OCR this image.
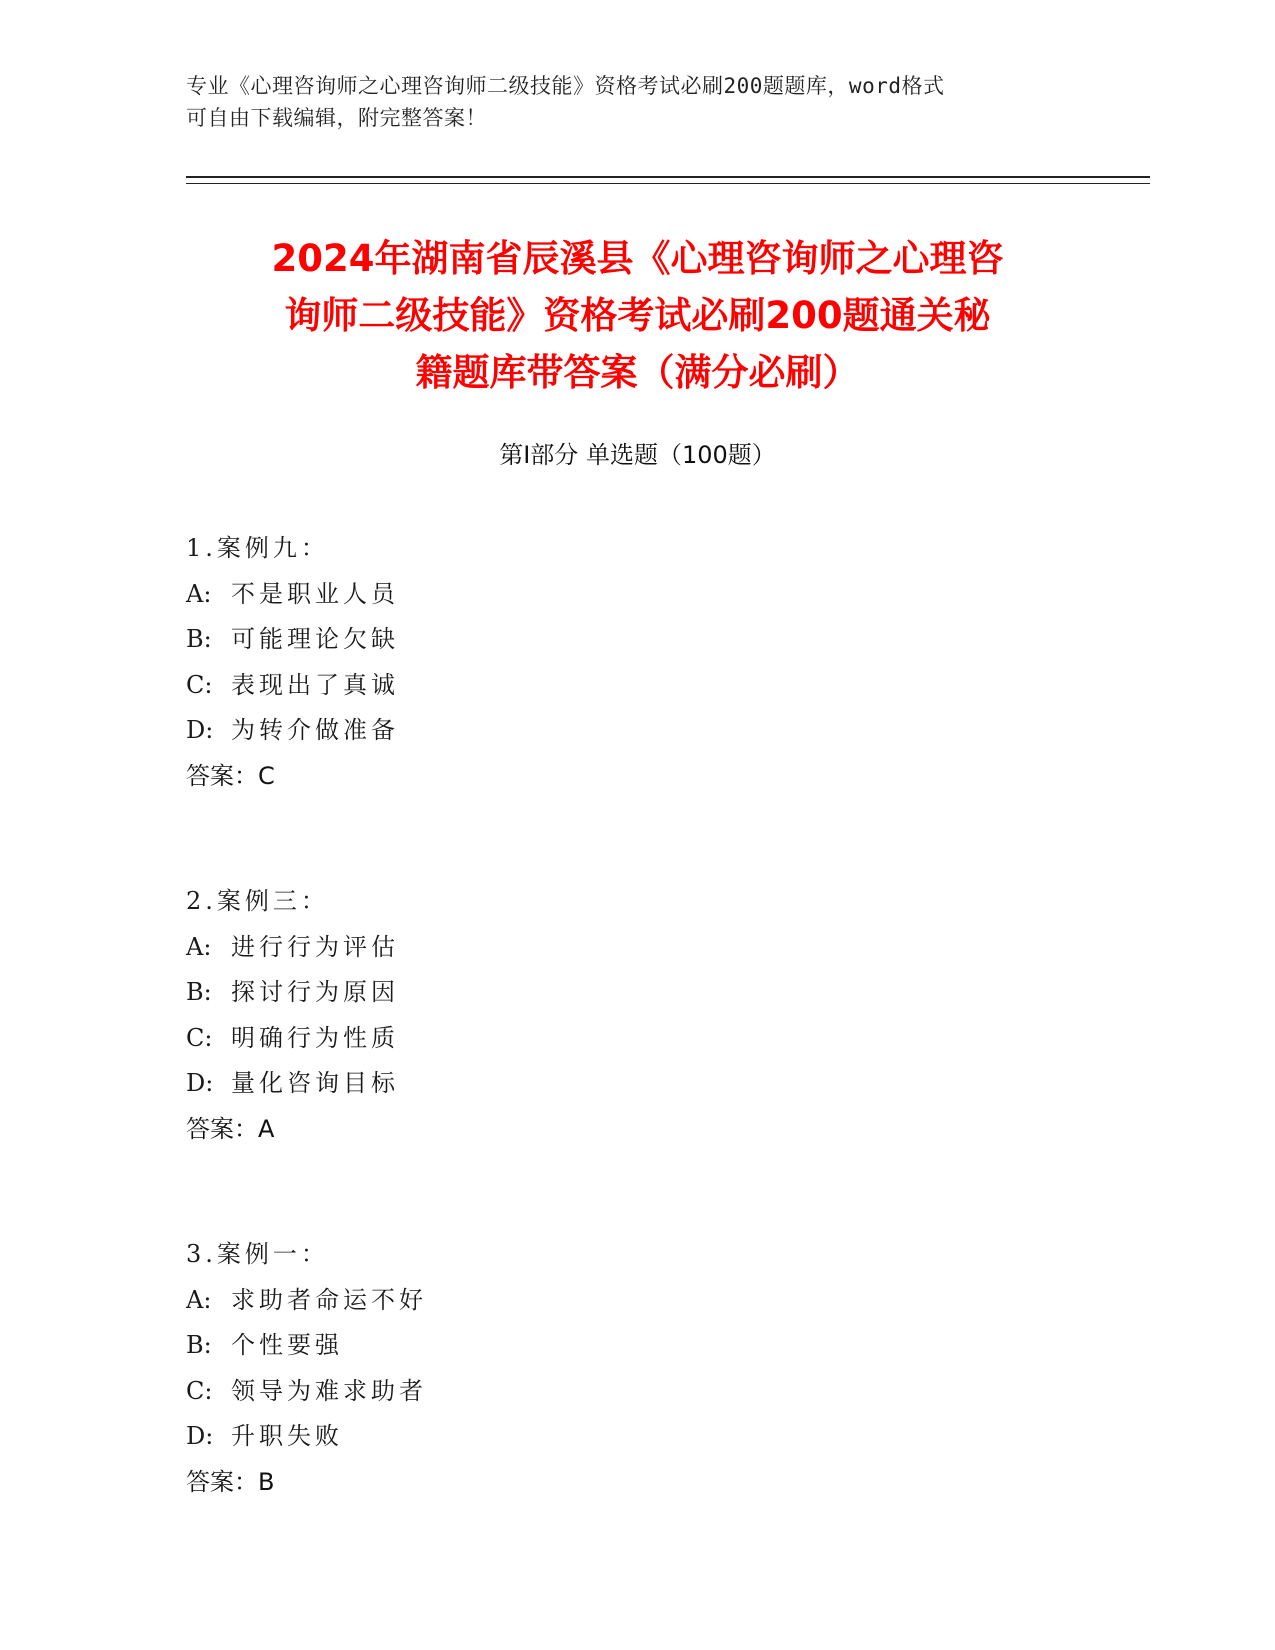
专业《心理咨询师之心理咨询师二级技能》资格考试必刷200题题库，word格式
可自由下载编辑，附完整答案！
2024年湖南省辰溪县《心理咨询师之心理咨
询师二级技能》资格考试必刷200题通关秘
籍题库带答案（满分必刷）
第Ⅰ部分 单选题（100题）
1.案例九：
A: 不是职业人员
B: 可能理论欠缺
C: 表现出了真诚
D: 为转介做准备
答案：C
2.案例三：
A: 进行行为评估
B: 探讨行为原因
C: 明确行为性质
D: 量化咨询目标
答案：A
3.案例一：
A: 求助者命运不好
B: 个性要强
C: 领导为难求助者
D: 升职失败
答案：B
